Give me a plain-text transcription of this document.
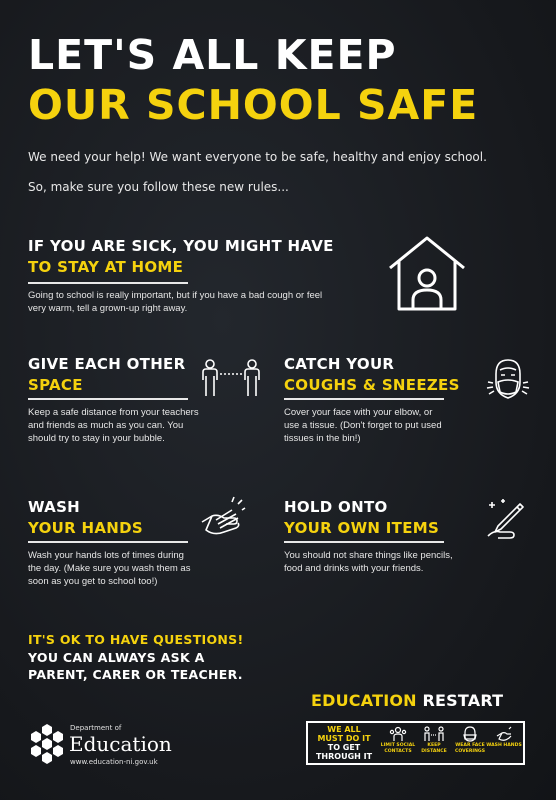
LET'S ALL KEEP
OUR SCHOOL SAFE
We need your help! We want everyone to be safe, healthy and enjoy school.
So, make sure you follow these new rules...
IF YOU ARE SICK, YOU MIGHT HAVE
TO STAY AT HOME
Going to school is really important, but if you have a bad cough or feel
very warm, tell a grown-up right away.
GIVE EACH OTHER
SPACE
Keep a safe distance from your teachers
and friends as much as you can. You
should try to stay in your bubble.
CATCH YOUR
COUGHS & SNEEZES
Cover your face with your elbow, or
use a tissue. (Don't forget to put used
tissues in the bin!)
WASH
YOUR HANDS
Wash your hands lots of times during
the day. (Make sure you wash them as
soon as you get to school too!)
HOLD ONTO
YOUR OWN ITEMS
You should not share things like pencils,
food and drinks with your friends.
IT'S OK TO HAVE QUESTIONS!
YOU CAN ALWAYS ASK A PARENT, CARER OR TEACHER.
Department of
Education
www.education-ni.gov.uk
EDUCATION RESTART
WE ALL
MUST DO IT
TO GET
THROUGH IT
LIMIT SOCIAL CONTACTS
KEEP DISTANCE
WEAR FACE COVERINGS
WASH HANDS
